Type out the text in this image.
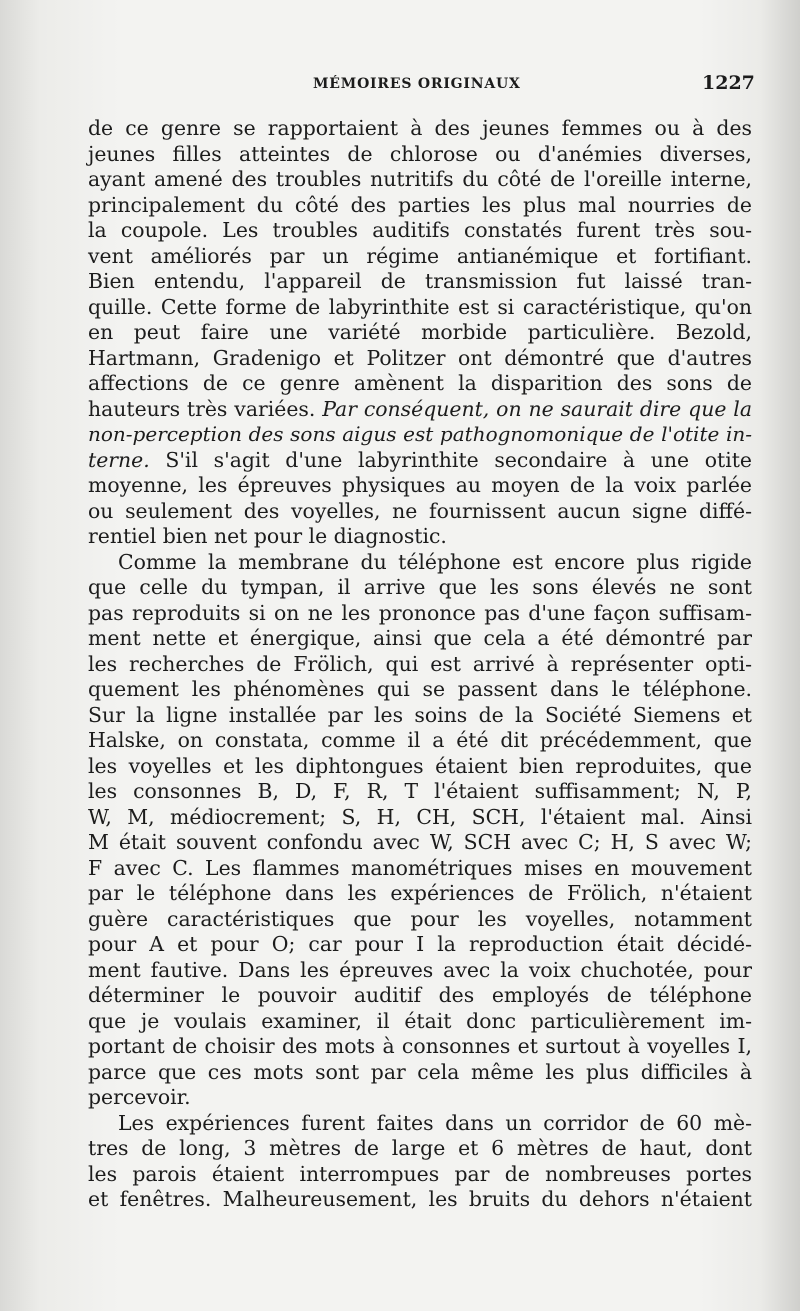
MÉMOIRES ORIGINAUX	1227
de ce genre se rapportaient à des jeunes femmes ou à des
jeunes filles atteintes de chlorose ou d'anémies diverses,
ayant amené des troubles nutritifs du côté de l'oreille interne,
principalement du côté des parties les plus mal nourries de
la coupole. Les troubles auditifs constatés furent très sou-
vent améliorés par un régime antianémique et fortifiant.
Bien entendu, l'appareil de transmission fut laissé tran-
quille. Cette forme de labyrinthite est si caractéristique, qu'on
en peut faire une variété morbide particulière. Bezold,
Hartmann, Gradenigo et Politzer ont démontré que d'autres
affections de ce genre amènent la disparition des sons de
hauteurs très variées. Par conséquent, on ne saurait dire que la
non-perception des sons aigus est pathognomonique de l'otite in-
terne. S'il s'agit d'une labyrinthite secondaire à une otite
moyenne, les épreuves physiques au moyen de la voix parlée
ou seulement des voyelles, ne fournissent aucun signe diffé-
rentiel bien net pour le diagnostic.
Comme la membrane du téléphone est encore plus rigide
que celle du tympan, il arrive que les sons élevés ne sont
pas reproduits si on ne les prononce pas d'une façon suffisam-
ment nette et énergique, ainsi que cela a été démontré par
les recherches de Frölich, qui est arrivé à représenter opti-
quement les phénomènes qui se passent dans le téléphone.
Sur la ligne installée par les soins de la Société Siemens et
Halske, on constata, comme il a été dit précédemment, que
les voyelles et les diphtongues étaient bien reproduites, que
les consonnes B, D, F, R, T l'étaient suffisamment; N, P,
W, M, médiocrement; S, H, CH, SCH, l'étaient mal. Ainsi
M était souvent confondu avec W, SCH avec C; H, S avec W;
F avec C. Les flammes manométriques mises en mouvement
par le téléphone dans les expériences de Frölich, n'étaient
guère caractéristiques que pour les voyelles, notamment
pour A et pour O; car pour I la reproduction était décidé-
ment fautive. Dans les épreuves avec la voix chuchotée, pour
déterminer le pouvoir auditif des employés de téléphone
que je voulais examiner, il était donc particulièrement im-
portant de choisir des mots à consonnes et surtout à voyelles I,
parce que ces mots sont par cela même les plus difficiles à
percevoir.
Les expériences furent faites dans un corridor de 60 mè-
tres de long, 3 mètres de large et 6 mètres de haut, dont
les parois étaient interrompues par de nombreuses portes
et fenêtres. Malheureusement, les bruits du dehors n'étaient
